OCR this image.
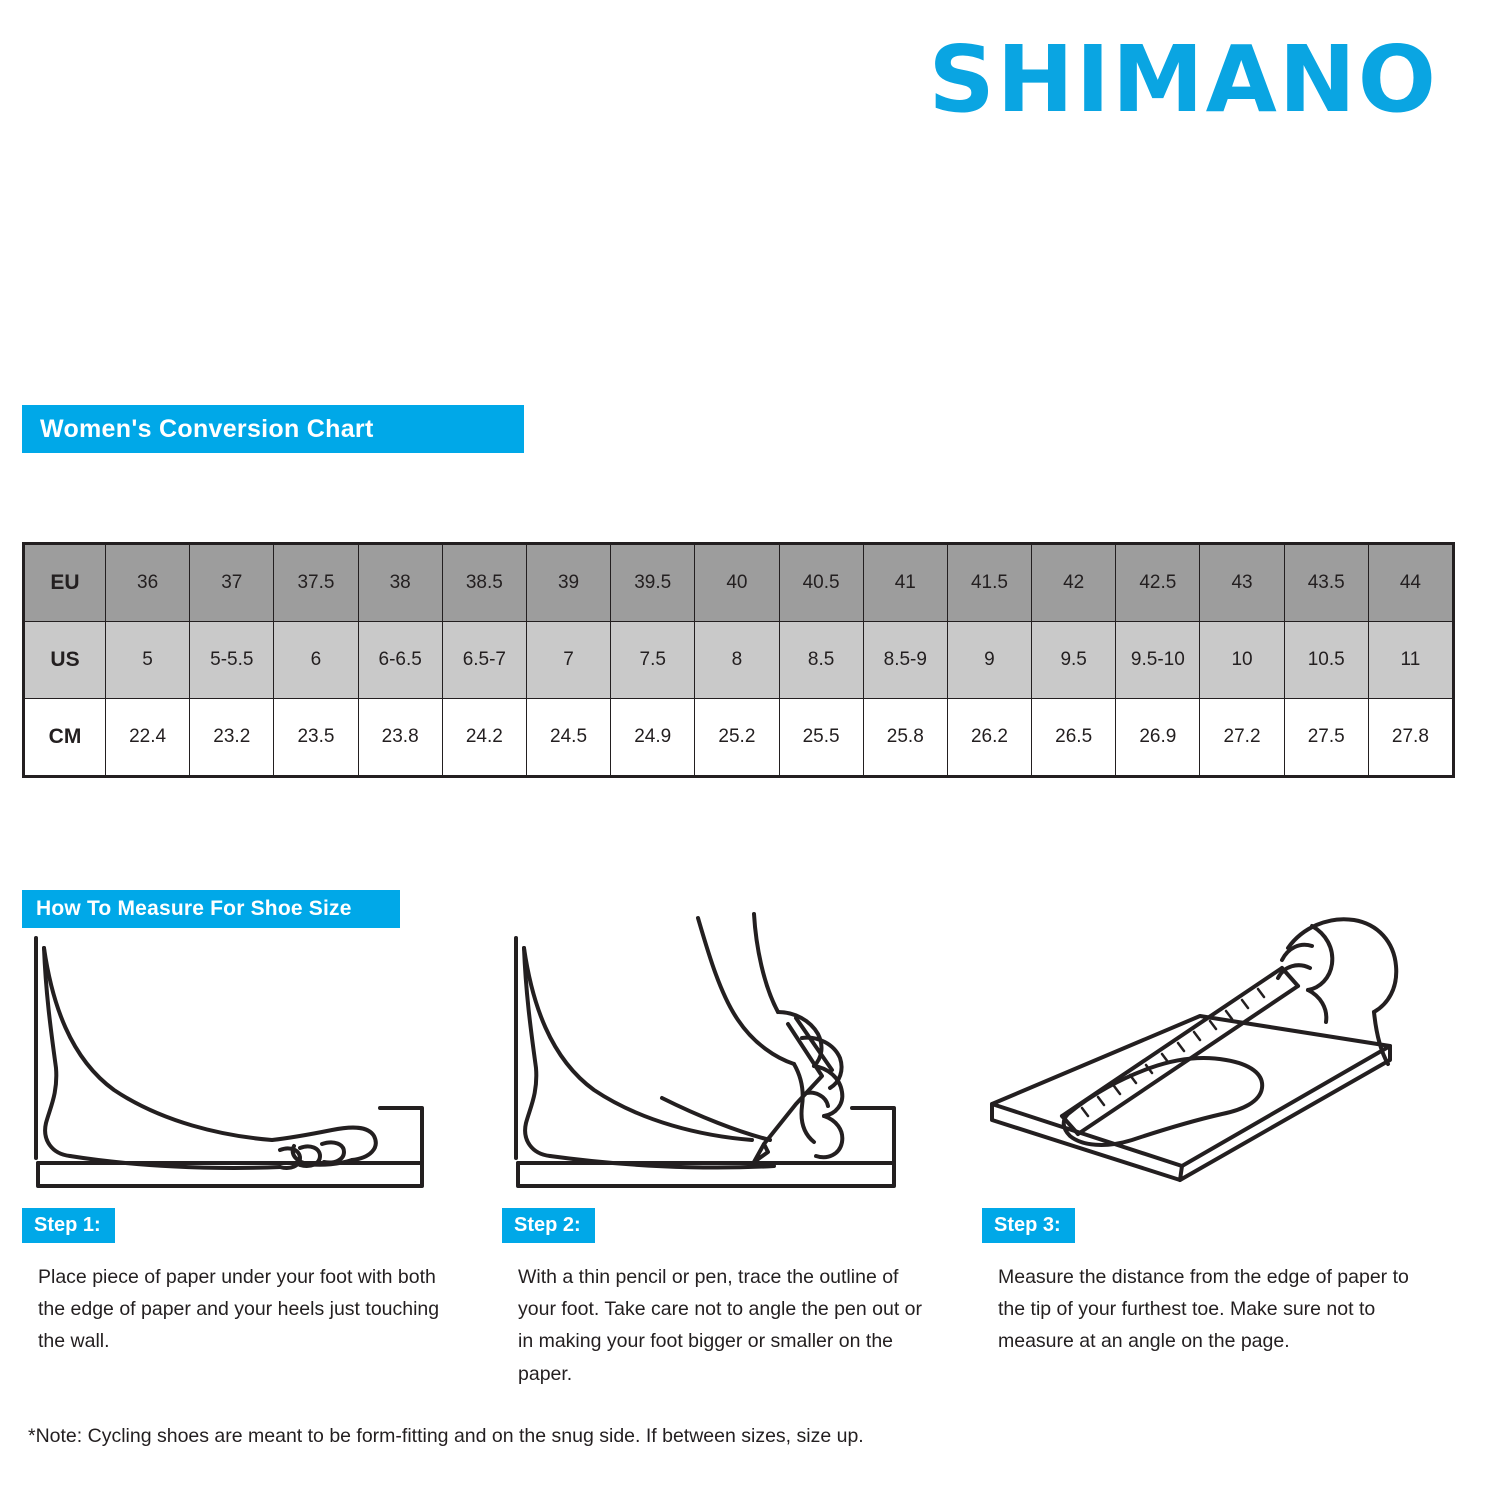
SHIMANO
Women's Conversion Chart
EU	36	37	37.5	38	38.5	39	39.5	40	40.5	41	41.5	42	42.5	43	43.5	44
US	5	5-5.5	6	6-6.5	6.5-7	7	7.5	8	8.5	8.5-9	9	9.5	9.5-10	10	10.5	11
CM	22.4	23.2	23.5	23.8	24.2	24.5	24.9	25.2	25.5	25.8	26.2	26.5	26.9	27.2	27.5	27.8
How To Measure For Shoe Size
Step 1:
Place piece of paper under your foot with both the edge of paper and your heels just touching the wall.
Step 2:
With a thin pencil or pen, trace the outline of your foot. Take care not to angle the pen out or in making your foot bigger or smaller on the paper.
Step 3:
Measure the distance from the edge of paper to the tip of your furthest toe. Make sure not to measure at an angle on the page.
*Note: Cycling shoes are meant to be form-fitting and on the snug side. If between sizes, size up.
